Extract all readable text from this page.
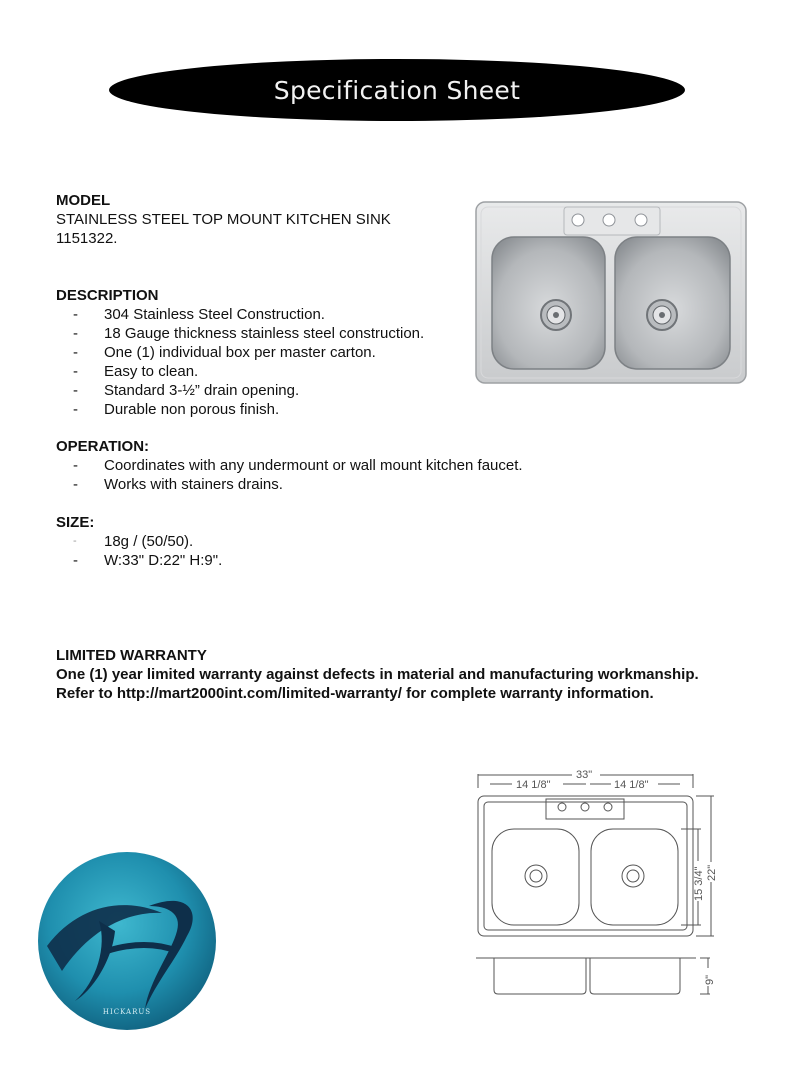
Specification Sheet
MODEL
STAINLESS STEEL TOP MOUNT KITCHEN SINK
1151322.
DESCRIPTION
- 304 Stainless Steel Construction.
- 18 Gauge thickness stainless steel construction.
- One (1) individual box per master carton.
- Easy to clean.
- Standard 3-½” drain opening.
- Durable non porous finish.
OPERATION:
- Coordinates with any undermount or wall mount kitchen faucet.
- Works with stainers drains.
SIZE:
- 18g / (50/50).
- W:33" D:22" H:9".
LIMITED WARRANTY
One (1) year limited warranty against defects in material and manufacturing workmanship.
Refer to http://mart2000int.com/limited-warranty/ for complete warranty information.
33"
14 1/8"	14 1/8"
15 3/4" 22"
9"
HICKARUS
